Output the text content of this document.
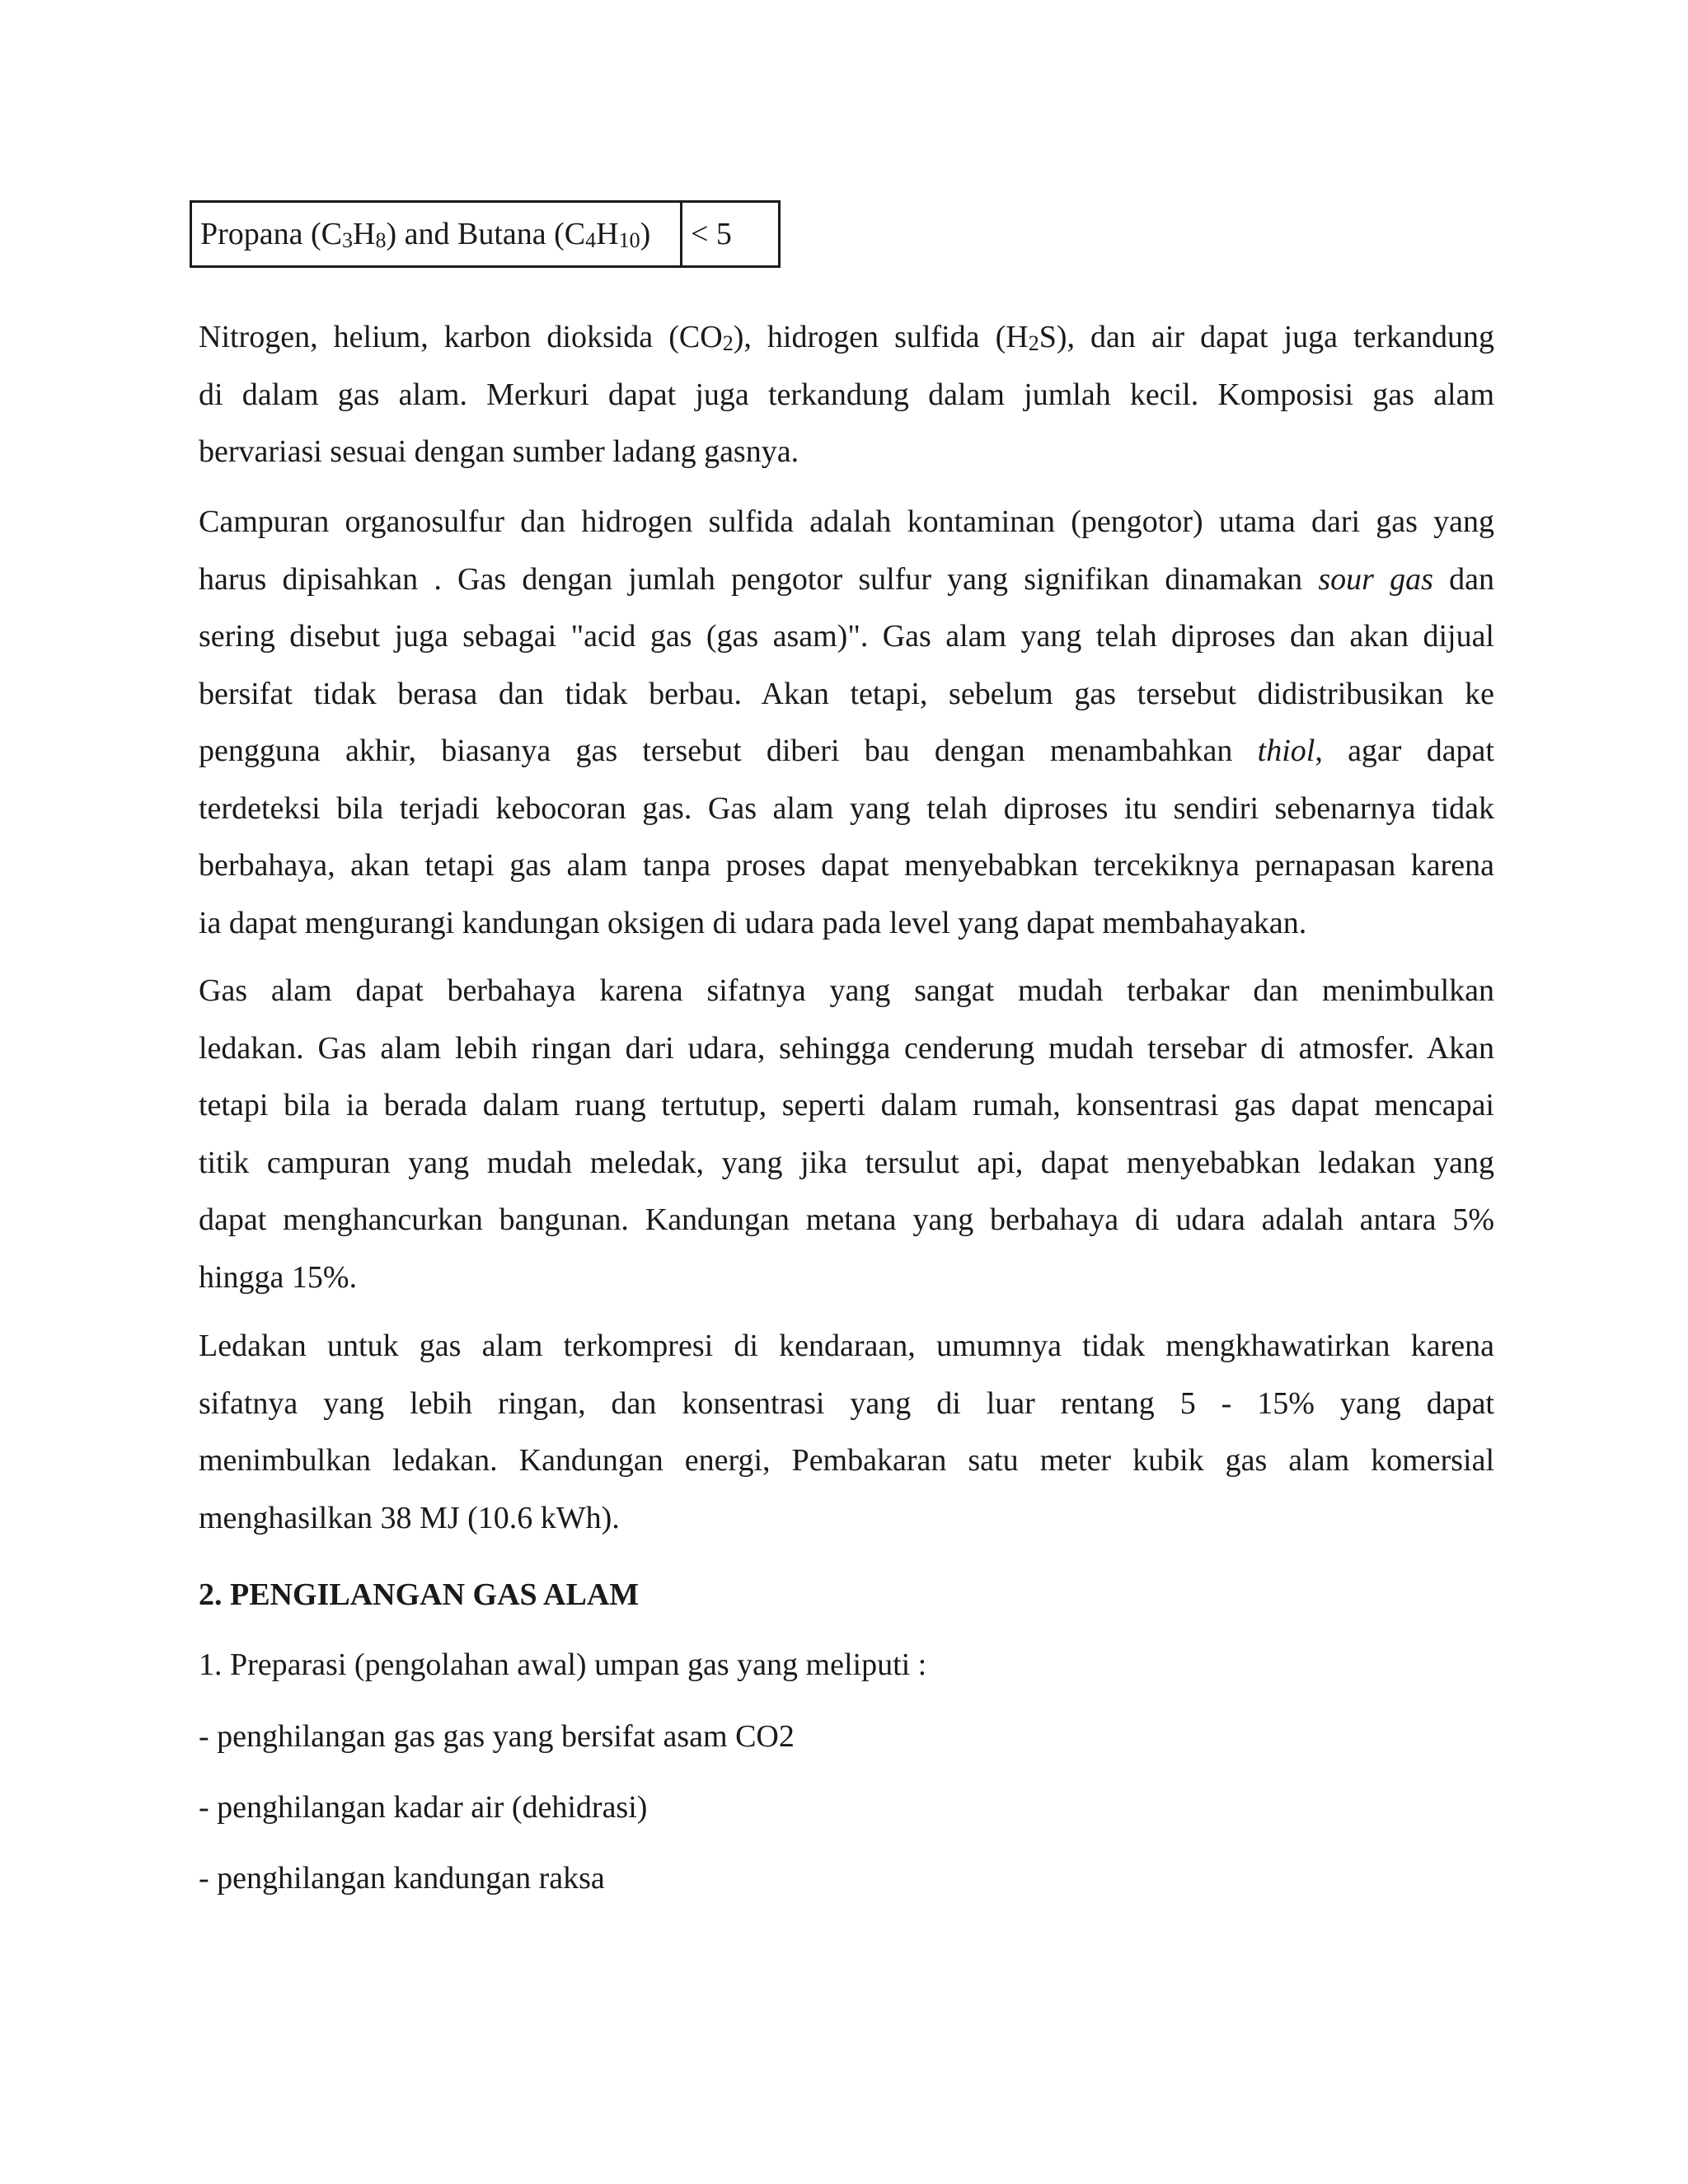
Propana $(C_3H_8)$ and Butana $(C_4H_{10})$	< 5
Nitrogen, helium, karbon dioksida $(CO_2)$, hidrogen sulfida $(H_2S)$, dan air dapat juga terkandung
di dalam gas alam. Merkuri dapat juga terkandung dalam jumlah kecil. Komposisi gas alam
bervariasi sesuai dengan sumber ladang gasnya.
Campuran organosulfur dan hidrogen sulfida adalah kontaminan (pengotor) utama dari gas yang
harus dipisahkan . Gas dengan jumlah pengotor sulfur yang signifikan dinamakan sour gas dan
sering disebut juga sebagai "acid gas (gas asam)". Gas alam yang telah diproses dan akan dijual
bersifat tidak berasa dan tidak berbau. Akan tetapi, sebelum gas tersebut didistribusikan ke
pengguna akhir, biasanya gas tersebut diberi bau dengan menambahkan thiol, agar dapat
terdeteksi bila terjadi kebocoran gas. Gas alam yang telah diproses itu sendiri sebenarnya tidak
berbahaya, akan tetapi gas alam tanpa proses dapat menyebabkan tercekiknya pernapasan karena
ia dapat mengurangi kandungan oksigen di udara pada level yang dapat membahayakan.
Gas alam dapat berbahaya karena sifatnya yang sangat mudah terbakar dan menimbulkan
ledakan. Gas alam lebih ringan dari udara, sehingga cenderung mudah tersebar di atmosfer. Akan
tetapi bila ia berada dalam ruang tertutup, seperti dalam rumah, konsentrasi gas dapat mencapai
titik campuran yang mudah meledak, yang jika tersulut api, dapat menyebabkan ledakan yang
dapat menghancurkan bangunan. Kandungan metana yang berbahaya di udara adalah antara 5%
hingga 15%.
Ledakan untuk gas alam terkompresi di kendaraan, umumnya tidak mengkhawatirkan karena
sifatnya yang lebih ringan, dan konsentrasi yang di luar rentang 5 - 15% yang dapat
menimbulkan ledakan. Kandungan energi, Pembakaran satu meter kubik gas alam komersial
menghasilkan 38 MJ (10.6 kWh).

2. PENGILANGAN GAS ALAM

1. Preparasi (pengolahan awal) umpan gas yang meliputi :

- penghilangan gas gas yang bersifat asam CO2

- penghilangan kadar air (dehidrasi)

- penghilangan kandungan raksa
